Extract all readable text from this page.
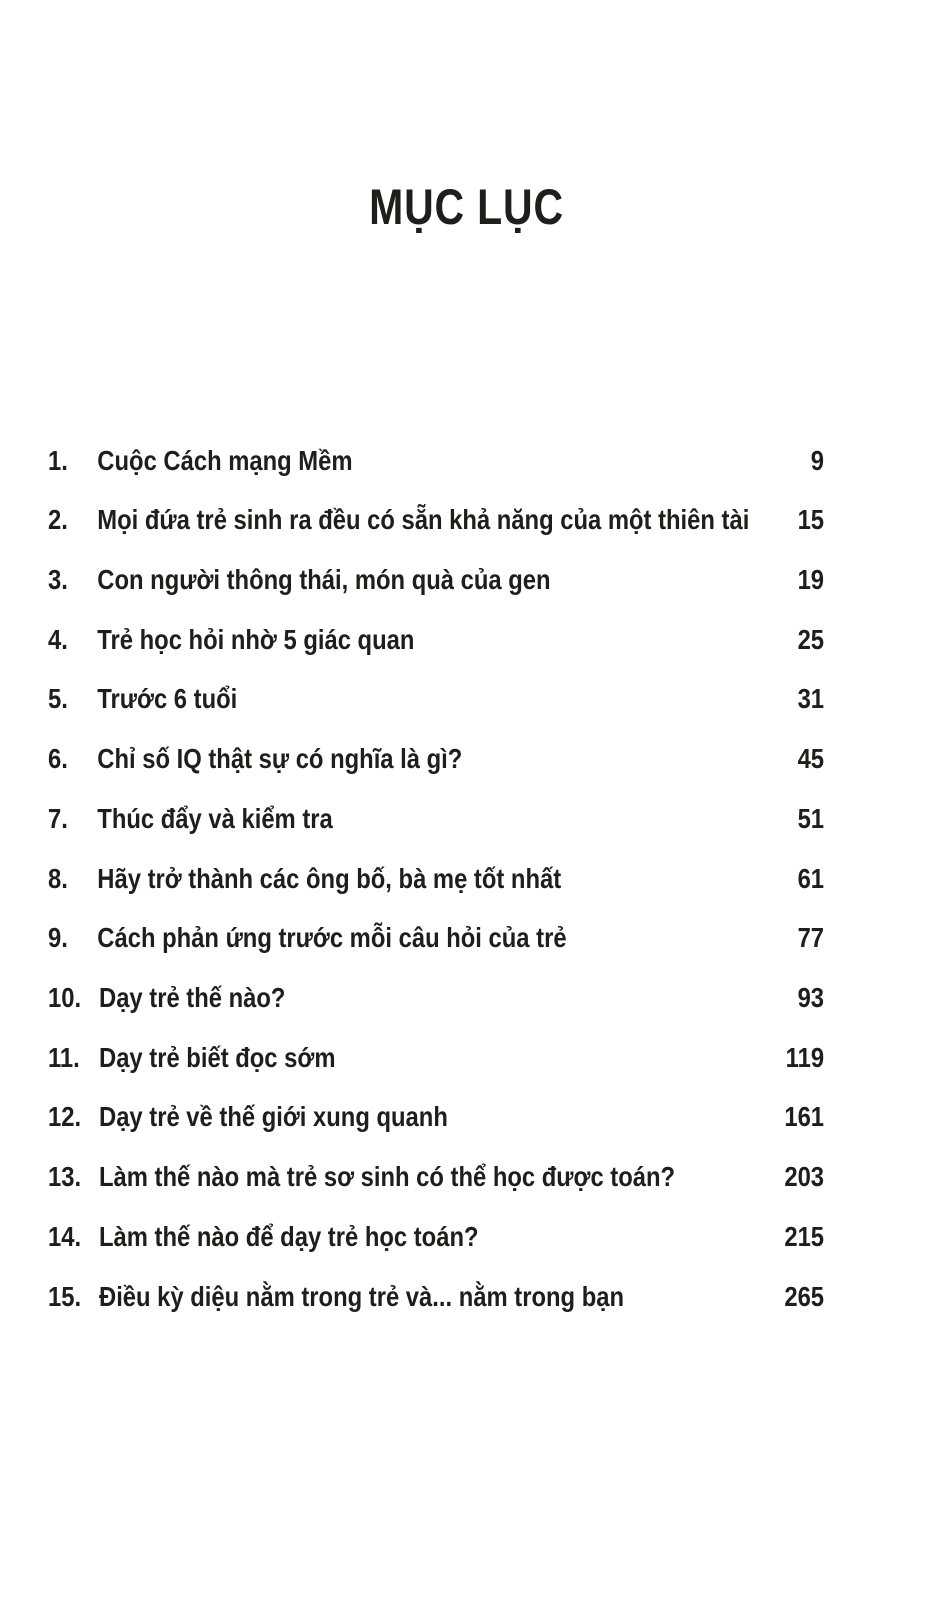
MỤC LỤC
1.	Cuộc Cách mạng Mềm	9
2.	Mọi đứa trẻ sinh ra đều có sẵn khả năng của một thiên tài	15
3.	Con người thông thái, món quà của gen	19
4.	Trẻ học hỏi nhờ 5 giác quan	25
5.	Trước 6 tuổi	31
6.	Chỉ số IQ thật sự có nghĩa là gì?	45
7.	Thúc đẩy và kiểm tra	51
8.	Hãy trở thành các ông bố, bà mẹ tốt nhất	61
9.	Cách phản ứng trước mỗi câu hỏi của trẻ	77
10. Dạy trẻ thế nào?	93
11. Dạy trẻ biết đọc sớm	119
12. Dạy trẻ về thế giới xung quanh	161
13. Làm thế nào mà trẻ sơ sinh có thể học được toán?	203
14. Làm thế nào để dạy trẻ học toán?	215
15. Điều kỳ diệu nằm trong trẻ và... nằm trong bạn	265
